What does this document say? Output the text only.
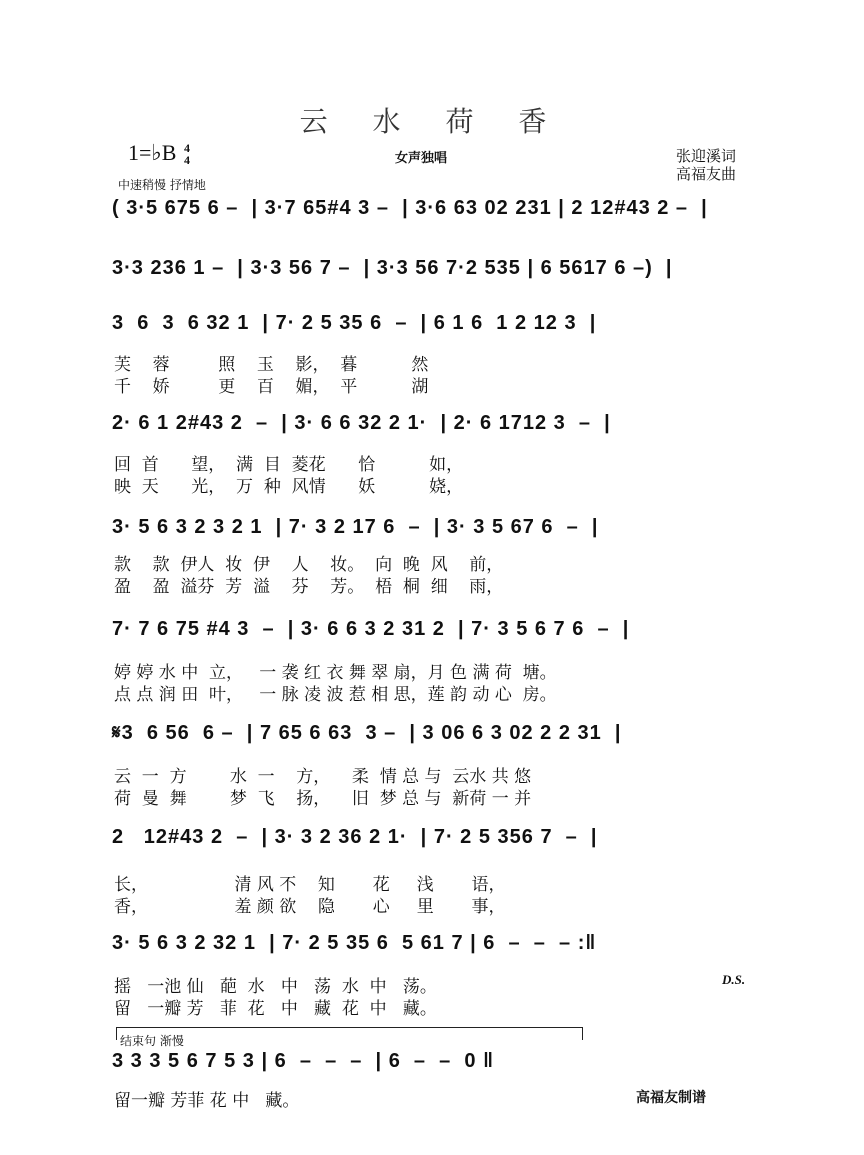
云 水 荷 香
1=♭B 4
4	女声独唱	张迎溪词
高福友曲
中速稍慢 抒情地
( 3·5 675 6 –  | 3·7 65#4 3 –  | 3·6 63 02 231 | 2 12#43 2 –  |
3·3 236 1 –  | 3·3 56 7 –  | 3·3 56 7·2 535 | 6 5617 6 –)  |
3  6  3  6 32 1  | 7· 2 5 35 6  –  | 6 1 6  1 2 12 3  |
芙    蓉         照    玉    影，  暮          然
千    娇         更    百    媚，  平          湖
2· 6 1 2#43 2  –  | 3· 6 6 32 2 1·  | 2· 6 1712 3  –  |
回  首      望，  满  目  菱花      恰          如，
映  天      光，  万  种  风情      妖          娆，
3· 5 6 3 2 3 2 1  | 7· 3 2 17 6  –  | 3· 3 5 67 6  –  |
款    款  伊人  妆  伊    人    妆。  向  晚  风    前，
盈    盈  溢芬  芳  溢    芬    芳。  梧  桐  细    雨，
7· 7 6 75 #4 3  –  | 3· 6 6 3 2 31 2  | 7· 3 5 6 7 6  –  |
婷 婷 水 中  立，   一 袭 红 衣 舞 翠 扇，月 色 满 荷  塘。
点 点 润 田  叶，   一 脉 凌 波 惹 相 思，莲 韵 动 心  房。
𝄋3  6 56  6 –  | 7 65 6 63  3 –  | 3 06 6 3 02 2 2 31  |
云  一  方        水  一    方，    柔  情 总 与  云水 共 悠
荷  曼  舞        梦  飞    扬，    旧  梦 总 与  新荷 一 并
2   12#43 2  –  | 3· 3 2 36 2 1·  | 7· 2 5 356 7  –  |
长，                清 风 不    知       花     浅       语，
香，                羞 颜 欲    隐       心     里       事，
3· 5 6 3 2 32 1  | 7· 2 5 35 6  5 61 7 | 6  –  –  – :‖
摇   一池 仙   葩  水   中   荡  水  中   荡。
留   一瓣 芳   菲  花   中   藏  花  中   藏。
D.S.
结束句 渐慢
3 3 3 5 6 7 5 3 | 6  –  –  –  | 6  –  –  0 ‖
留一瓣 芳菲 花 中   藏。	高福友制谱
